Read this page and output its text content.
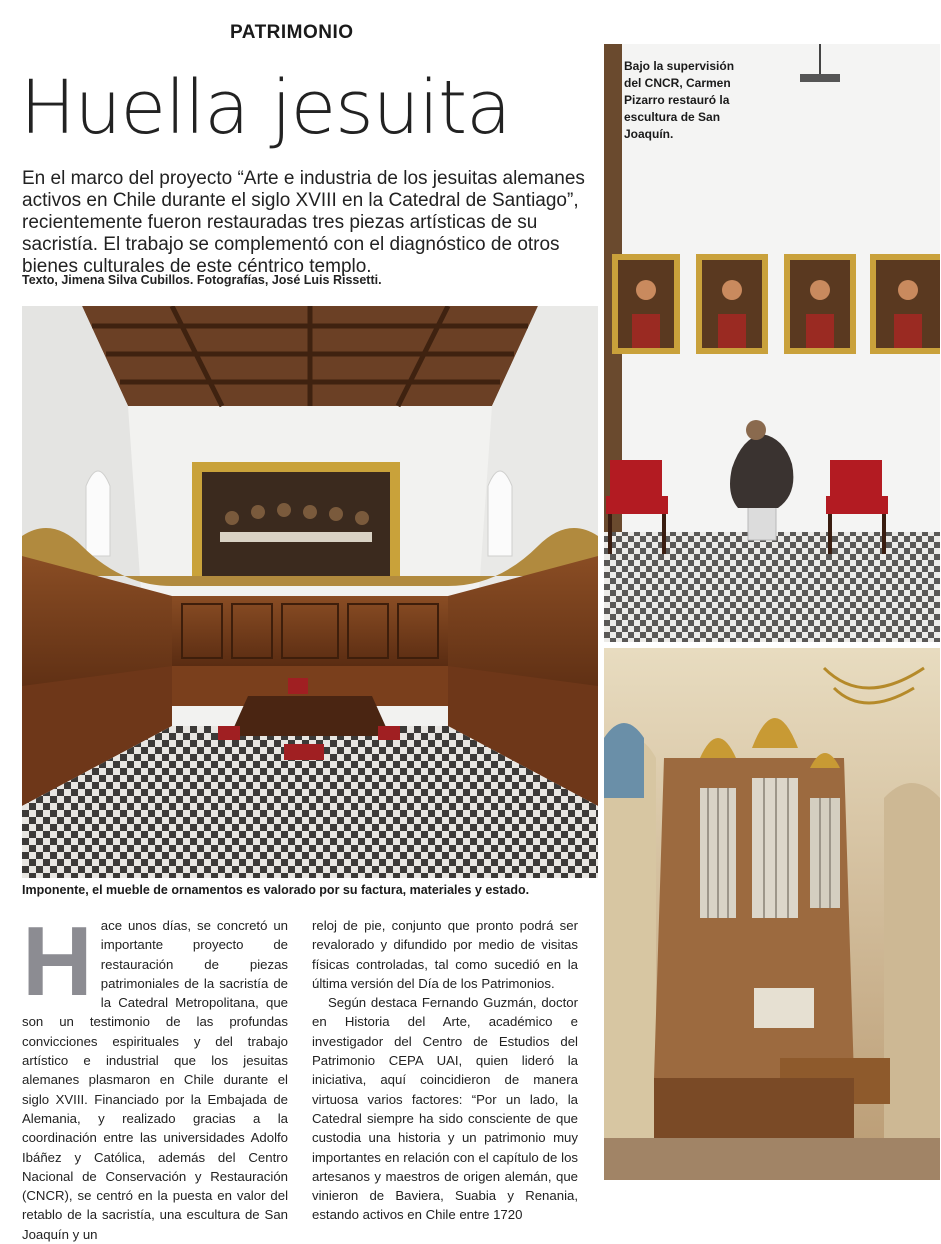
PATRIMONIO
Huella jesuita

En el marco del proyecto “Arte e industria de los jesuitas alemanes activos en Chile durante el siglo XVIII en la Catedral de Santiago”, recientemente fueron restauradas tres piezas artísticas de su sacristía. El trabajo se complementó con el diagnóstico de otros bienes culturales de este céntrico templo.

Texto, Jimena Silva Cubillos. Fotografías, José Luis Rissetti.

Bajo la supervisión del CNCR, Carmen Pizarro restauró la escultura de San Joaquín.

Imponente, el mueble de ornamentos es valorado por su factura, materiales y estado.

H ace unos días, se concretó un importante proyecto de restauración de piezas patrimoniales de la sacristía de la Catedral Metropolitana, que son un testimonio de las profundas convicciones espirituales y del trabajo artístico e industrial que los jesuitas alemanes plasmaron en Chile durante el siglo XVIII. Financiado por la Embajada de Alemania, y realizado gracias a la coordinación entre las universidades Adolfo Ibáñez y Católica, además del Centro Nacional de Conservación y Restauración (CNCR), se centró en la puesta en valor del retablo de la sacristía, una escultura de San Joaquín y un

reloj de pie, conjunto que pronto podrá ser revalorado y difundido por medio de visitas físicas controladas, tal como sucedió en la última versión del Día de los Patrimonios.

Según destaca Fernando Guzmán, doctor en Historia del Arte, académico e investigador del Centro de Estudios del Patrimonio CEPA UAI, quien lideró la iniciativa, aquí coincidieron de manera virtuosa varios factores: “Por un lado, la Catedral siempre ha sido consciente de que custodia una historia y un patrimonio muy importantes en relación con el capítulo de los artesanos y maestros de origen alemán, que vinieron de Baviera, Suabia y Renania, estando activos en Chile entre 1720
